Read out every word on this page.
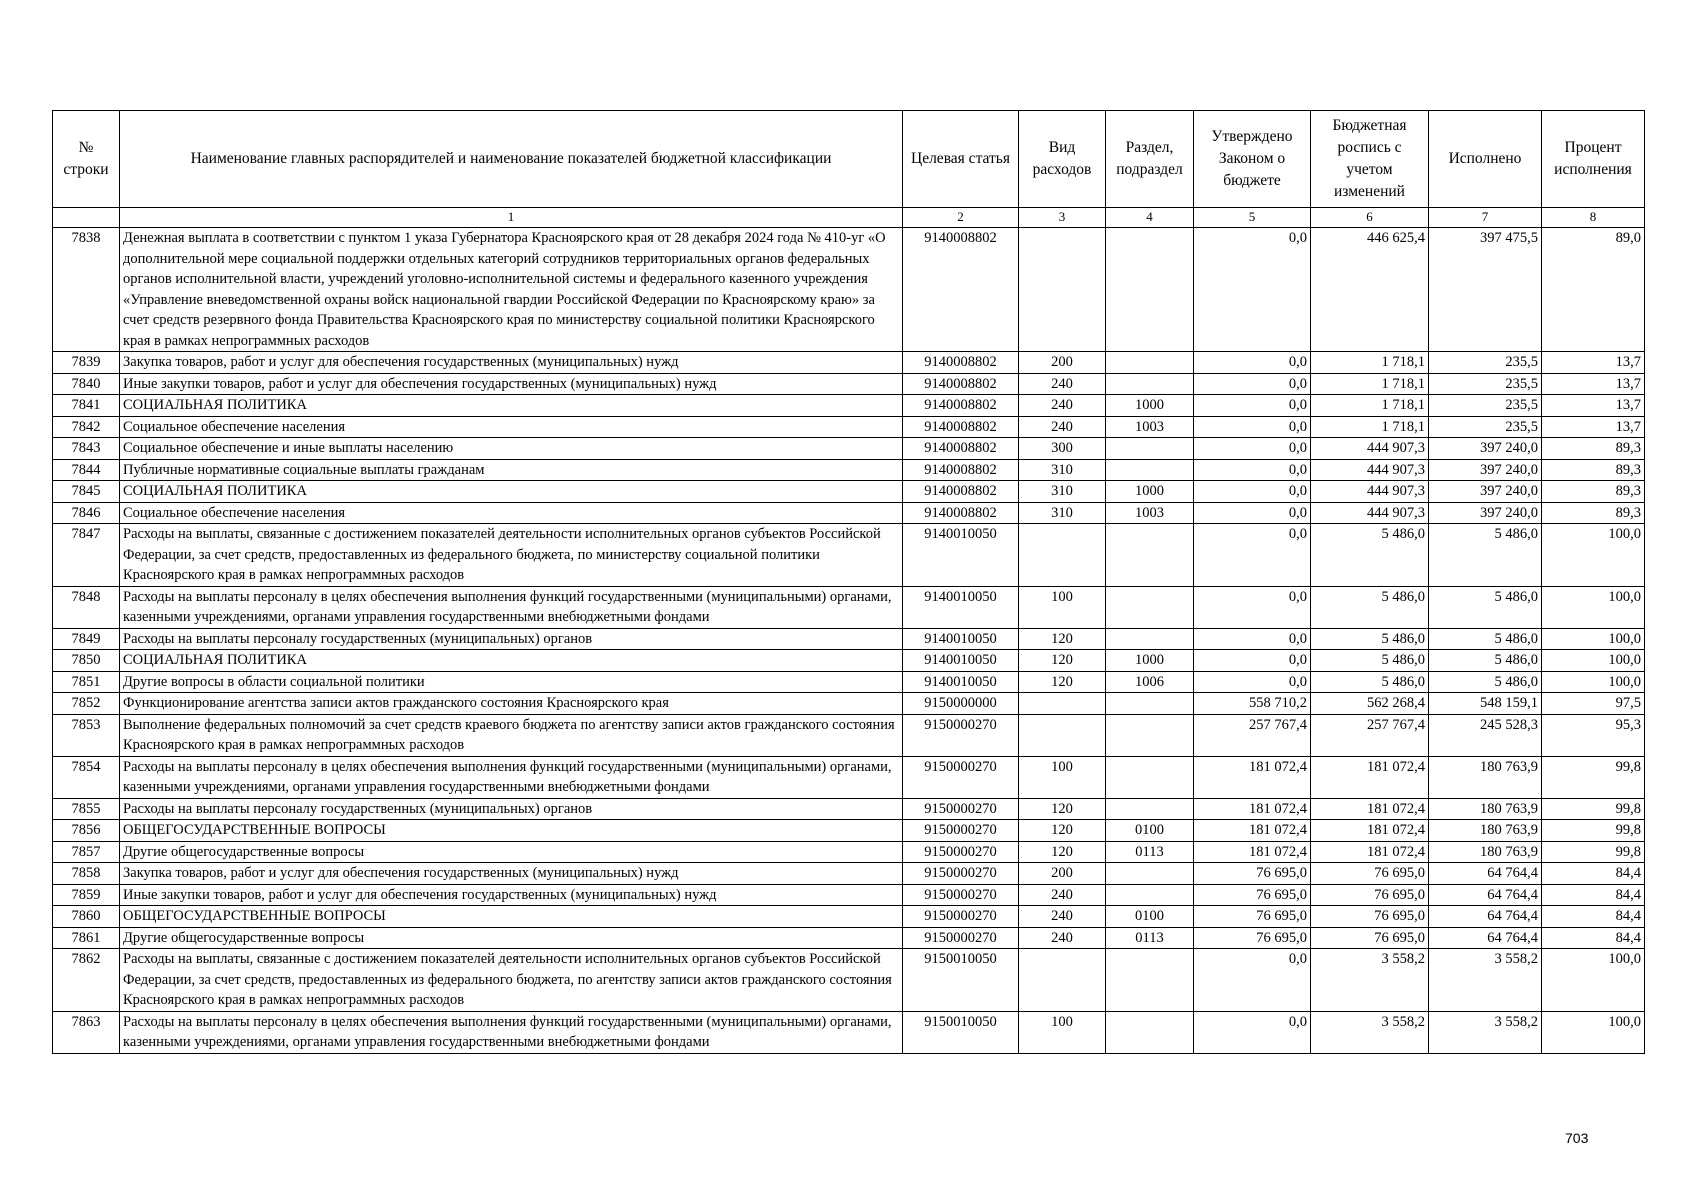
№ строки	Наименование главных распорядителей и наименование показателей бюджетной классификации	Целевая статья	Вид расходов	Раздел, подраздел	Утверждено Законом о бюджете	Бюджетная роспись с учетом изменений	Исполнено	Процент исполнения
	1	2	3	4	5	6	7	8
7838	Денежная выплата в соответствии с пунктом 1 указа Губернатора Красноярского края от 28 декабря 2024 года № 410-уг «О дополнительной мере социальной поддержки отдельных категорий сотрудников территориальных органов федеральных органов исполнительной власти, учреждений уголовно-исполнительной системы и федерального казенного учреждения «Управление вневедомственной охраны войск национальной гвардии Российской Федерации по Красноярскому краю» за счет средств резервного фонда Правительства Красноярского края по министерству социальной политики Красноярского края в рамках непрограммных расходов	9140008802			0,0	446 625,4	397 475,5	89,0
7839	Закупка товаров, работ и услуг для обеспечения государственных (муниципальных) нужд	9140008802	200		0,0	1 718,1	235,5	13,7
7840	Иные закупки товаров, работ и услуг для обеспечения государственных (муниципальных) нужд	9140008802	240		0,0	1 718,1	235,5	13,7
7841	СОЦИАЛЬНАЯ ПОЛИТИКА	9140008802	240	1000	0,0	1 718,1	235,5	13,7
7842	Социальное обеспечение населения	9140008802	240	1003	0,0	1 718,1	235,5	13,7
7843	Социальное обеспечение и иные выплаты населению	9140008802	300		0,0	444 907,3	397 240,0	89,3
7844	Публичные нормативные социальные выплаты гражданам	9140008802	310		0,0	444 907,3	397 240,0	89,3
7845	СОЦИАЛЬНАЯ ПОЛИТИКА	9140008802	310	1000	0,0	444 907,3	397 240,0	89,3
7846	Социальное обеспечение населения	9140008802	310	1003	0,0	444 907,3	397 240,0	89,3
7847	Расходы на выплаты, связанные с достижением показателей деятельности исполнительных органов субъектов Российской Федерации, за счет средств, предоставленных из федерального бюджета, по министерству социальной политики Красноярского края в рамках непрограммных расходов	9140010050			0,0	5 486,0	5 486,0	100,0
7848	Расходы на выплаты персоналу в целях обеспечения выполнения функций государственными (муниципальными) органами, казенными учреждениями, органами управления государственными внебюджетными фондами	9140010050	100		0,0	5 486,0	5 486,0	100,0
7849	Расходы на выплаты персоналу государственных (муниципальных) органов	9140010050	120		0,0	5 486,0	5 486,0	100,0
7850	СОЦИАЛЬНАЯ ПОЛИТИКА	9140010050	120	1000	0,0	5 486,0	5 486,0	100,0
7851	Другие вопросы в области социальной политики	9140010050	120	1006	0,0	5 486,0	5 486,0	100,0
7852	Функционирование агентства записи актов гражданского состояния Красноярского края	9150000000			558 710,2	562 268,4	548 159,1	97,5
7853	Выполнение федеральных полномочий за счет средств краевого бюджета по агентству записи актов гражданского состояния Красноярского края в рамках непрограммных расходов	9150000270			257 767,4	257 767,4	245 528,3	95,3
7854	Расходы на выплаты персоналу в целях обеспечения выполнения функций государственными (муниципальными) органами, казенными учреждениями, органами управления государственными внебюджетными фондами	9150000270	100		181 072,4	181 072,4	180 763,9	99,8
7855	Расходы на выплаты персоналу государственных (муниципальных) органов	9150000270	120		181 072,4	181 072,4	180 763,9	99,8
7856	ОБЩЕГОСУДАРСТВЕННЫЕ ВОПРОСЫ	9150000270	120	0100	181 072,4	181 072,4	180 763,9	99,8
7857	Другие общегосударственные вопросы	9150000270	120	0113	181 072,4	181 072,4	180 763,9	99,8
7858	Закупка товаров, работ и услуг для обеспечения государственных (муниципальных) нужд	9150000270	200		76 695,0	76 695,0	64 764,4	84,4
7859	Иные закупки товаров, работ и услуг для обеспечения государственных (муниципальных) нужд	9150000270	240		76 695,0	76 695,0	64 764,4	84,4
7860	ОБЩЕГОСУДАРСТВЕННЫЕ ВОПРОСЫ	9150000270	240	0100	76 695,0	76 695,0	64 764,4	84,4
7861	Другие общегосударственные вопросы	9150000270	240	0113	76 695,0	76 695,0	64 764,4	84,4
7862	Расходы на выплаты, связанные с достижением показателей деятельности исполнительных органов субъектов Российской Федерации, за счет средств, предоставленных из федерального бюджета, по агентству записи актов гражданского состояния Красноярского края в рамках непрограммных расходов	9150010050			0,0	3 558,2	3 558,2	100,0
7863	Расходы на выплаты персоналу в целях обеспечения выполнения функций государственными (муниципальными) органами, казенными учреждениями, органами управления государственными внебюджетными фондами	9150010050	100		0,0	3 558,2	3 558,2	100,0
703
